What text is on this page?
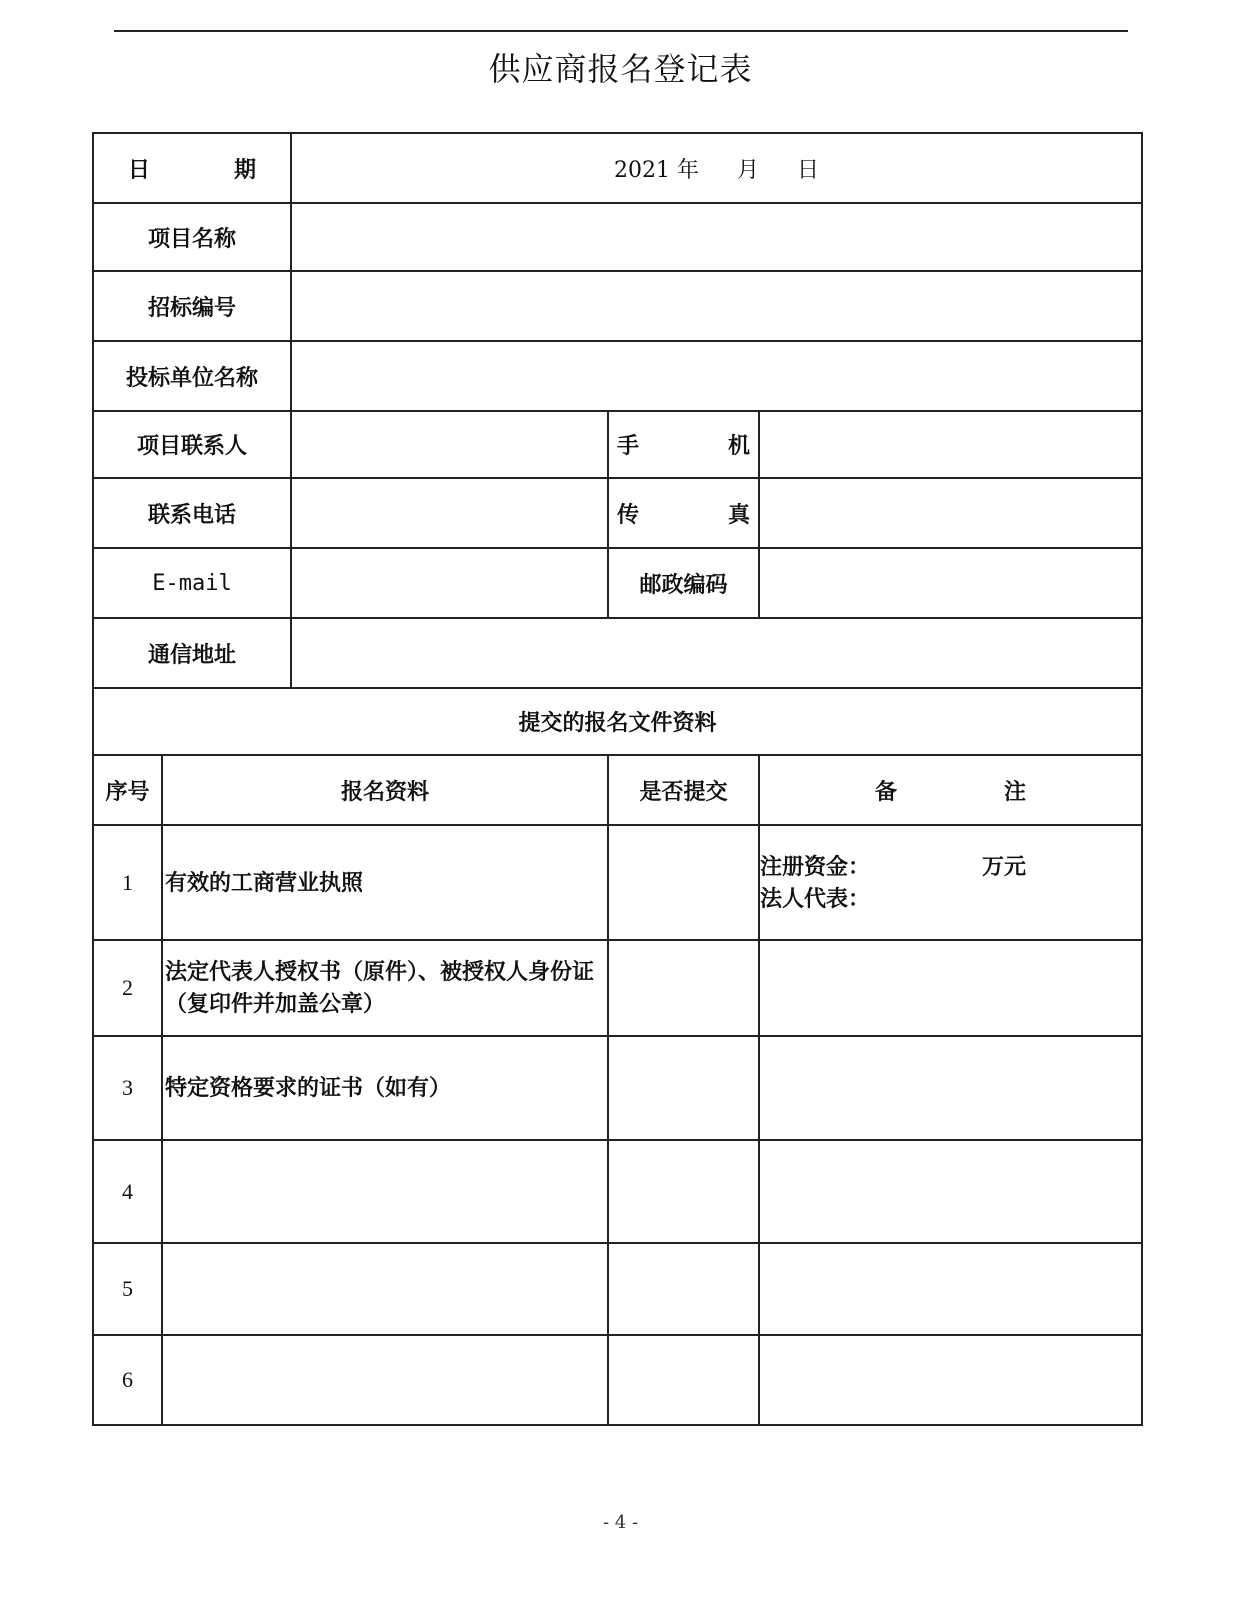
供应商报名登记表
日 期		2021 年 月 日		

项目名称				
招标编号				
投标单位名称				
项目联系人			手 机	

联系电话			传 真	

E-mail			邮政编码	
通信地址				
提交的报名文件资料				
序号	报名资料		是否提交	备 注

1	有效的工商营业执照			注册资金： 万元
法人代表：

2	法定代表人授权书（原件）、被授权人身份证（复印件并加盖公章）			
3	特定资格要求的证书（如有）			
4				
5				
6				
- 4 -
